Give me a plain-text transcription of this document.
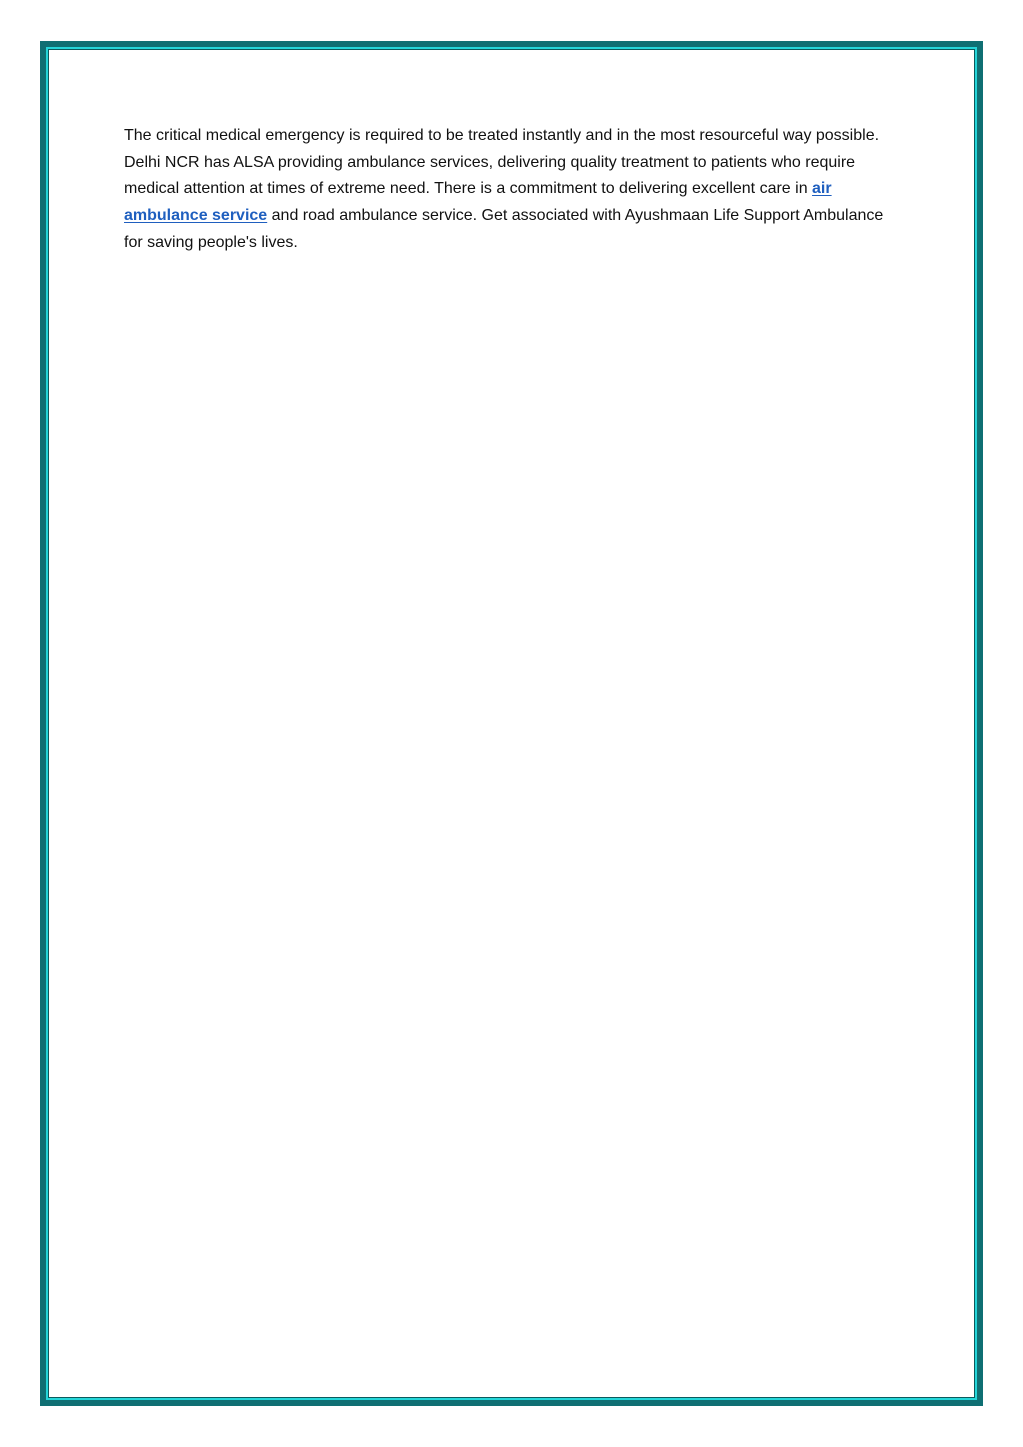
The critical medical emergency is required to be treated instantly and in the most resourceful way possible. Delhi NCR has ALSA providing ambulance services, delivering quality treatment to patients who require medical attention at times of extreme need. There is a commitment to delivering excellent care in air ambulance service and road ambulance service. Get associated with Ayushmaan Life Support Ambulance for saving people's lives.
